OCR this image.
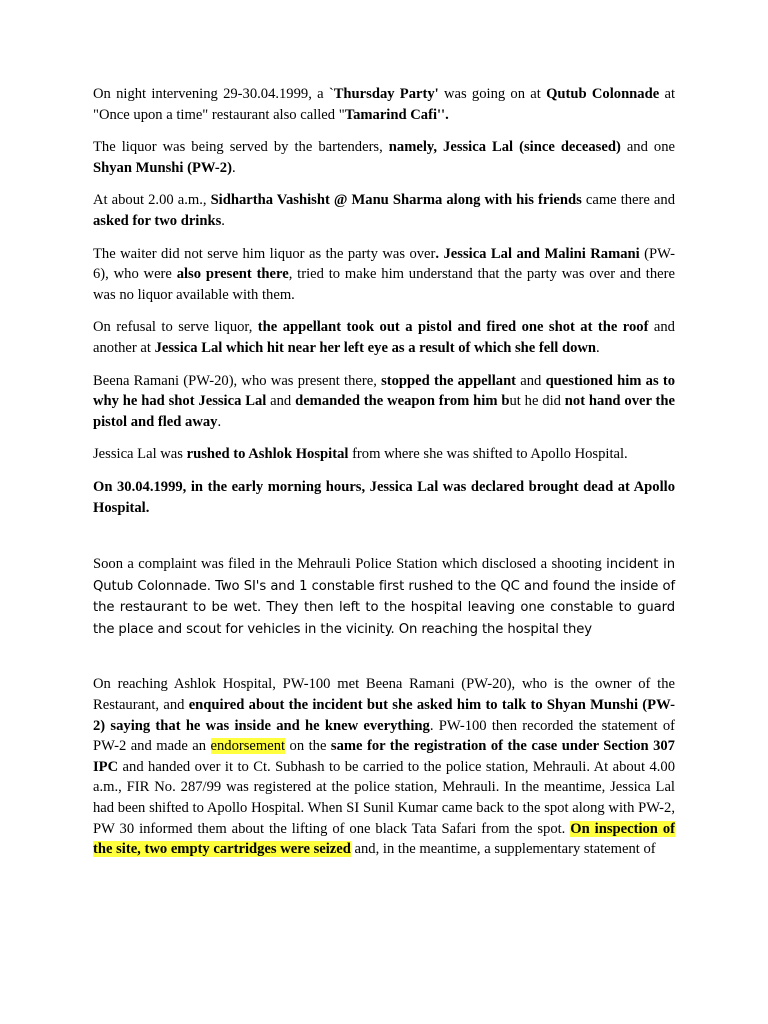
On night intervening 29-30.04.1999, a `Thursday Party' was going on at Qutub Colonnade at "Once upon a time" restaurant also called "Tamarind Cafi''.

The liquor was being served by the bartenders, namely, Jessica Lal (since deceased) and one Shyan Munshi (PW-2).

At about 2.00 a.m., Sidhartha Vashisht @ Manu Sharma along with his friends came there and asked for two drinks.

The waiter did not serve him liquor as the party was over. Jessica Lal and Malini Ramani (PW-6), who were also present there, tried to make him understand that the party was over and there was no liquor available with them.

On refusal to serve liquor, the appellant took out a pistol and fired one shot at the roof and another at Jessica Lal which hit near her left eye as a result of which she fell down.

Beena Ramani (PW-20), who was present there, stopped the appellant and questioned him as to why he had shot Jessica Lal and demanded the weapon from him but he did not hand over the pistol and fled away.

Jessica Lal was rushed to Ashlok Hospital from where she was shifted to Apollo Hospital.

On 30.04.1999, in the early morning hours, Jessica Lal was declared brought dead at Apollo Hospital.

Soon a complaint was filed in the Mehrauli Police Station which disclosed a shooting incident in Qutub Colonnade. Two SI's and 1 constable first rushed to the QC and found the inside of the restaurant to be wet. They then left to the hospital leaving one constable to guard the place and scout for vehicles in the vicinity. On reaching the hospital they

On reaching Ashlok Hospital, PW-100 met Beena Ramani (PW-20), who is the owner of the Restaurant, and enquired about the incident but she asked him to talk to Shyan Munshi (PW-2) saying that he was inside and he knew everything. PW-100 then recorded the statement of PW-2 and made an endorsement on the same for the registration of the case under Section 307 IPC and handed over it to Ct. Subhash to be carried to the police station, Mehrauli. At about 4.00 a.m., FIR No. 287/99 was registered at the police station, Mehrauli. In the meantime, Jessica Lal had been shifted to Apollo Hospital. When SI Sunil Kumar came back to the spot along with PW-2, PW 30 informed them about the lifting of one black Tata Safari from the spot. On inspection of the site, two empty cartridges were seized and, in the meantime, a supplementary statement of
